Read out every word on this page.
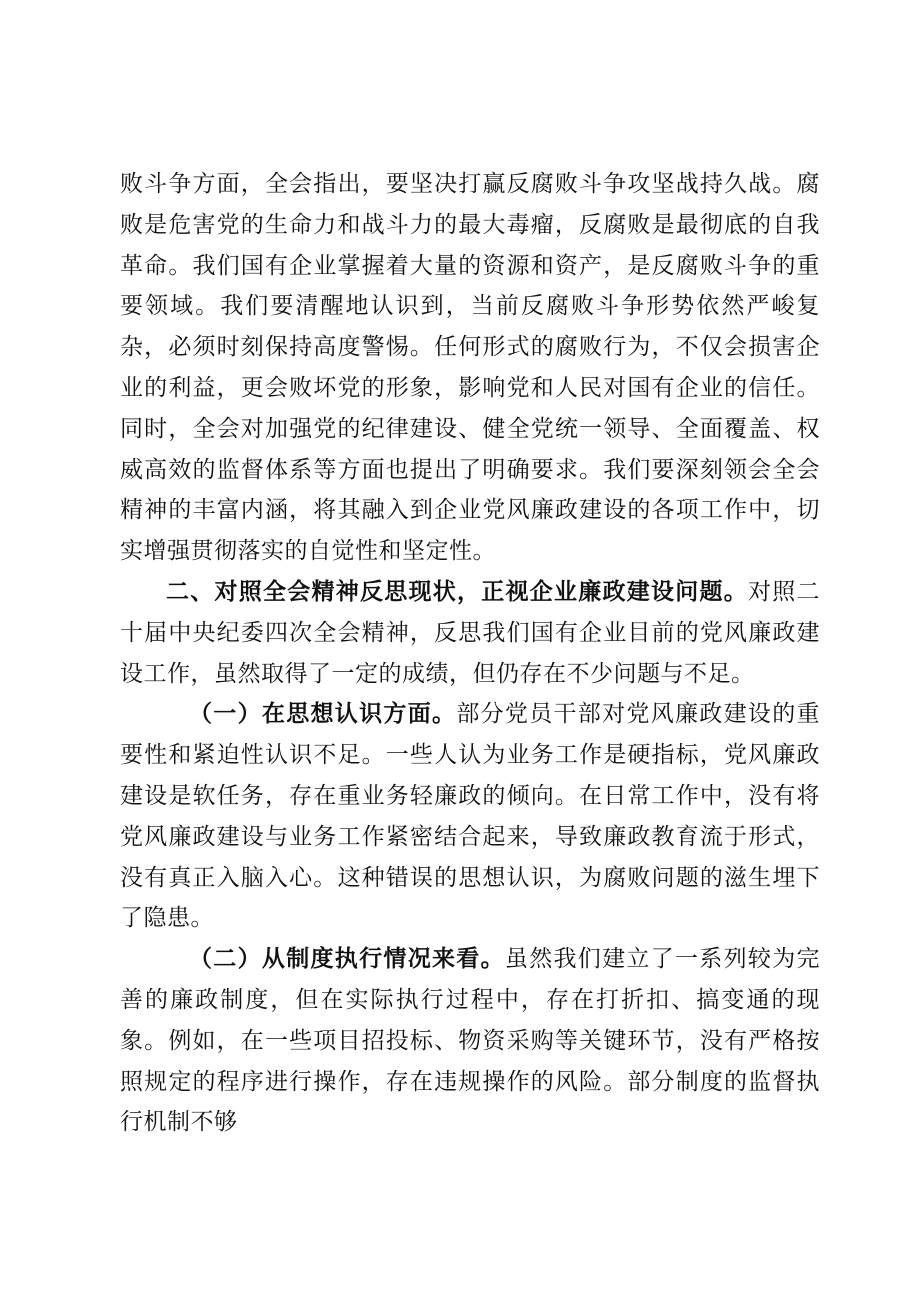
败斗争方面，全会指出，要坚决打赢反腐败斗争攻坚战持久战。腐败是危害党的生命力和战斗力的最大毒瘤，反腐败是最彻底的自我革命。我们国有企业掌握着大量的资源和资产，是反腐败斗争的重要领域。我们要清醒地认识到，当前反腐败斗争形势依然严峻复杂，必须时刻保持高度警惕。任何形式的腐败行为，不仅会损害企业的利益，更会败坏党的形象，影响党和人民对国有企业的信任。同时，全会对加强党的纪律建设、健全党统一领导、全面覆盖、权威高效的监督体系等方面也提出了明确要求。我们要深刻领会全会精神的丰富内涵，将其融入到企业党风廉政建设的各项工作中，切实增强贯彻落实的自觉性和坚定性。

二、对照全会精神反思现状，正视企业廉政建设问题。对照二十届中央纪委四次全会精神，反思我们国有企业目前的党风廉政建设工作，虽然取得了一定的成绩，但仍存在不少问题与不足。

（一）在思想认识方面。部分党员干部对党风廉政建设的重要性和紧迫性认识不足。一些人认为业务工作是硬指标，党风廉政建设是软任务，存在重业务轻廉政的倾向。在日常工作中，没有将党风廉政建设与业务工作紧密结合起来，导致廉政教育流于形式，没有真正入脑入心。这种错误的思想认识，为腐败问题的滋生埋下了隐患。

（二）从制度执行情况来看。虽然我们建立了一系列较为完善的廉政制度，但在实际执行过程中，存在打折扣、搞变通的现象。例如，在一些项目招投标、物资采购等关键环节，没有严格按照规定的程序进行操作，存在违规操作的风险。部分制度的监督执行机制不够
